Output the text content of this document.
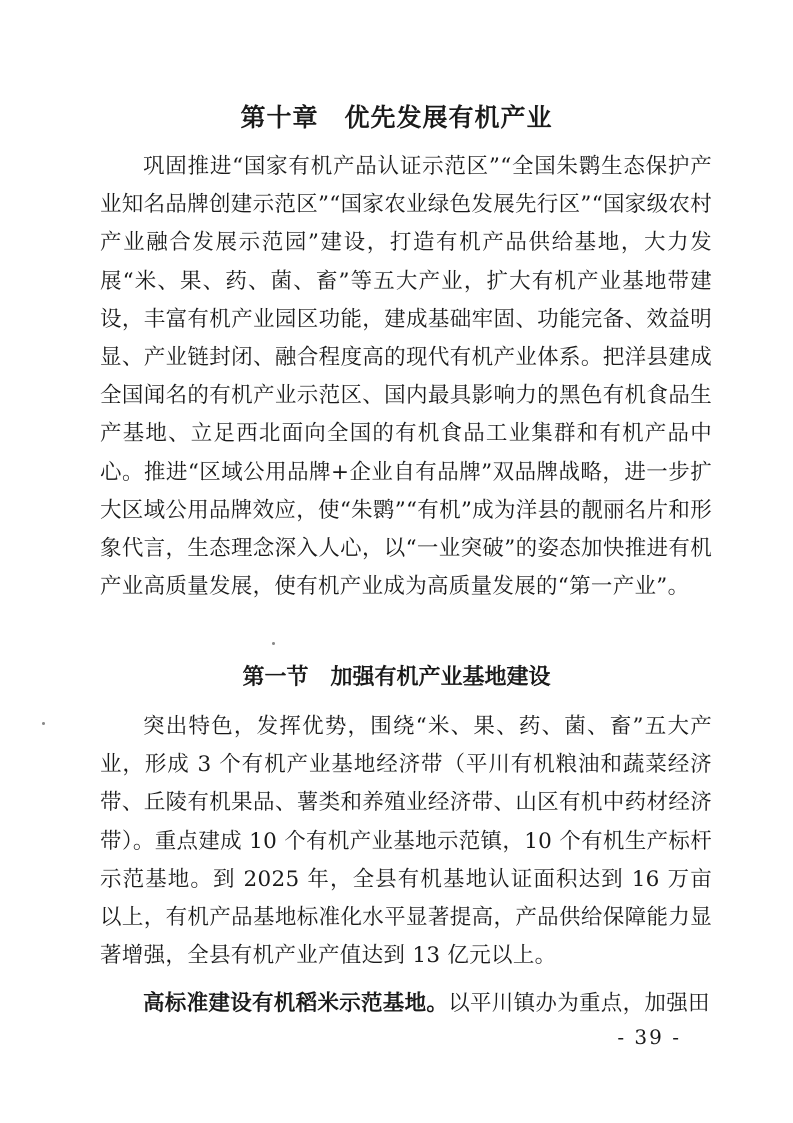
第十章　优先发展有机产业

巩固推进“国家有机产品认证示范区”“全国朱鹮生态保护产业知名品牌创建示范区”“国家农业绿色发展先行区”“国家级农村产业融合发展示范园”建设，打造有机产品供给基地，大力发展“米、果、药、菌、畜”等五大产业，扩大有机产业基地带建设，丰富有机产业园区功能，建成基础牢固、功能完备、效益明显、产业链封闭、融合程度高的现代有机产业体系。把洋县建成全国闻名的有机产业示范区、国内最具影响力的黑色有机食品生产基地、立足西北面向全国的有机食品工业集群和有机产品中心。推进“区域公用品牌+企业自有品牌”双品牌战略，进一步扩大区域公用品牌效应，使“朱鹮”“有机”成为洋县的靓丽名片和形象代言，生态理念深入人心，以“一业突破”的姿态加快推进有机产业高质量发展，使有机产业成为高质量发展的“第一产业”。

第一节　加强有机产业基地建设

突出特色，发挥优势，围绕“米、果、药、菌、畜”五大产业，形成 3 个有机产业基地经济带（平川有机粮油和蔬菜经济带、丘陵有机果品、薯类和养殖业经济带、山区有机中药材经济带）。重点建成 10 个有机产业基地示范镇，10 个有机生产标杆示范基地。到 2025 年，全县有机基地认证面积达到 16 万亩以上，有机产品基地标准化水平显著提高，产品供给保障能力显著增强，全县有机产业产值达到 13 亿元以上。

高标准建设有机稻米示范基地。以平川镇办为重点，加强田

- 39 -
